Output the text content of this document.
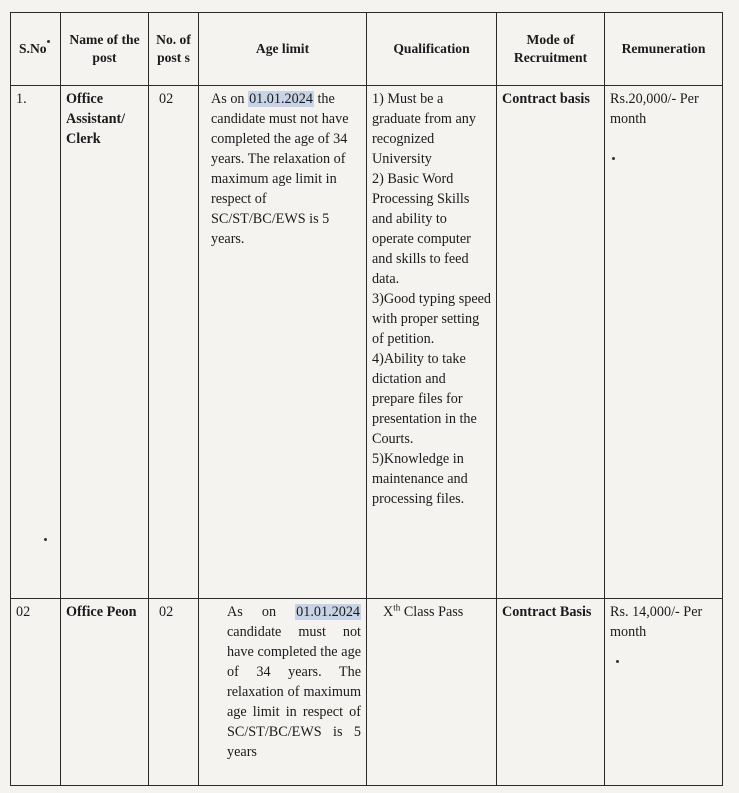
S.No	Name of the post	No. of post s	Age limit	Qualification	Mode of Recruitment	Remuneration
1.	Office Assistant/ Clerk	02	As on 01.01.2024 the candidate must not have completed the age of 34 years. The relaxation of maximum age limit in respect of SC/ST/BC/EWS is 5 years.	1) Must be a graduate from any recognized University
2) Basic Word Processing Skills and ability to operate computer and skills to feed data.
3)Good typing speed with proper setting of petition.
4)Ability to take dictation and prepare files for presentation in the Courts.
5)Knowledge in maintenance and processing files.	Contract basis	Rs.20,000/- Per month
02	Office Peon	02	As on 01.01.2024 candidate must not have completed the age of 34 years. The relaxation of maximum age limit in respect of SC/ST/BC/EWS is 5 years	Xth Class Pass	Contract Basis	Rs. 14,000/- Per month
